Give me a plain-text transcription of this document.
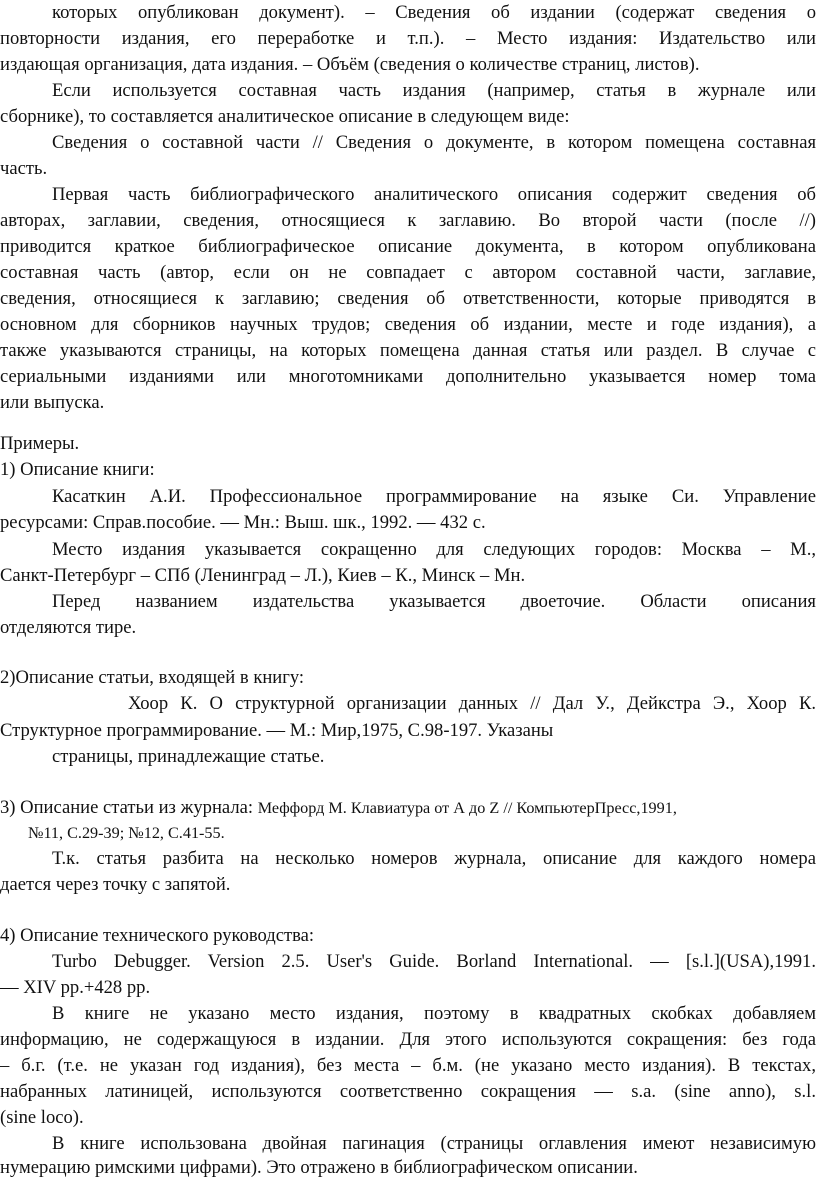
которых опубликован документ). – Сведения об издании (содержат сведения о
повторности издания, его переработке и т.п.). – Место издания: Издательство или
издающая организация, дата издания. – Объём (сведения о количестве страниц, листов).
Если используется составная часть издания (например, статья в журнале или
сборнике), то составляется аналитическое описание в следующем виде:
Сведения о составной части // Сведения о документе, в котором помещена составная
часть.
Первая часть библиографического аналитического описания содержит сведения об
авторах, заглавии, сведения, относящиеся к заглавию. Во второй части (после //)
приводится краткое библиографическое описание документа, в котором опубликована
составная часть (автор, если он не совпадает с автором составной части, заглавие,
сведения, относящиеся к заглавию; сведения об ответственности, которые приводятся в
основном для сборников научных трудов; сведения об издании, месте и годе издания), а
также указываются страницы, на которых помещена данная статья или раздел. В случае с
сериальными изданиями или многотомниками дополнительно указывается номер тома
или выпуска.
Примеры.
1) Описание книги:
Касаткин А.И. Профессиональное программирование на языке Си. Управление
ресурсами: Справ.пособие. — Мн.: Выш. шк., 1992. — 432 с.
Место издания указывается сокращенно для следующих городов: Москва – М.,
Санкт-Петербург – СПб (Ленинград – Л.), Киев – К., Минск – Мн.
Перед названием издательства указывается двоеточие. Области описания
отделяются тире.
2)Описание статьи, входящей в книгу:
Хоор К. О структурной организации данных // Дал У., Дейкстра Э., Хоор К.
Структурное программирование. — М.: Мир,1975, С.98-197. Указаны
страницы, принадлежащие статье.
3) Описание статьи из журнала: Меффорд М. Клавиатура от А до Z // КомпьютерПресс,1991,
№11, С.29-39; №12, С.41-55.
Т.к. статья разбита на несколько номеров журнала, описание для каждого номера
дается через точку с запятой.
4) Описание технического руководства:
Turbo Debugger. Version 2.5. User's Guide. Borland International. — [s.l.](USA),1991.
— XIV pp.+428 pp.
В книге не указано место издания, поэтому в квадратных скобках добавляем
информацию, не содержащуюся в издании. Для этого используются сокращения: без года
– б.г. (т.е. не указан год издания), без места – б.м. (не указано место издания). В текстах,
набранных латиницей, используются соответственно сокращения — s.a. (sine anno), s.l.
(sine loco).
В книге использована двойная пагинация (страницы оглавления имеют независимую
нумерацию римскими цифрами). Это отражено в библиографическом описании.
